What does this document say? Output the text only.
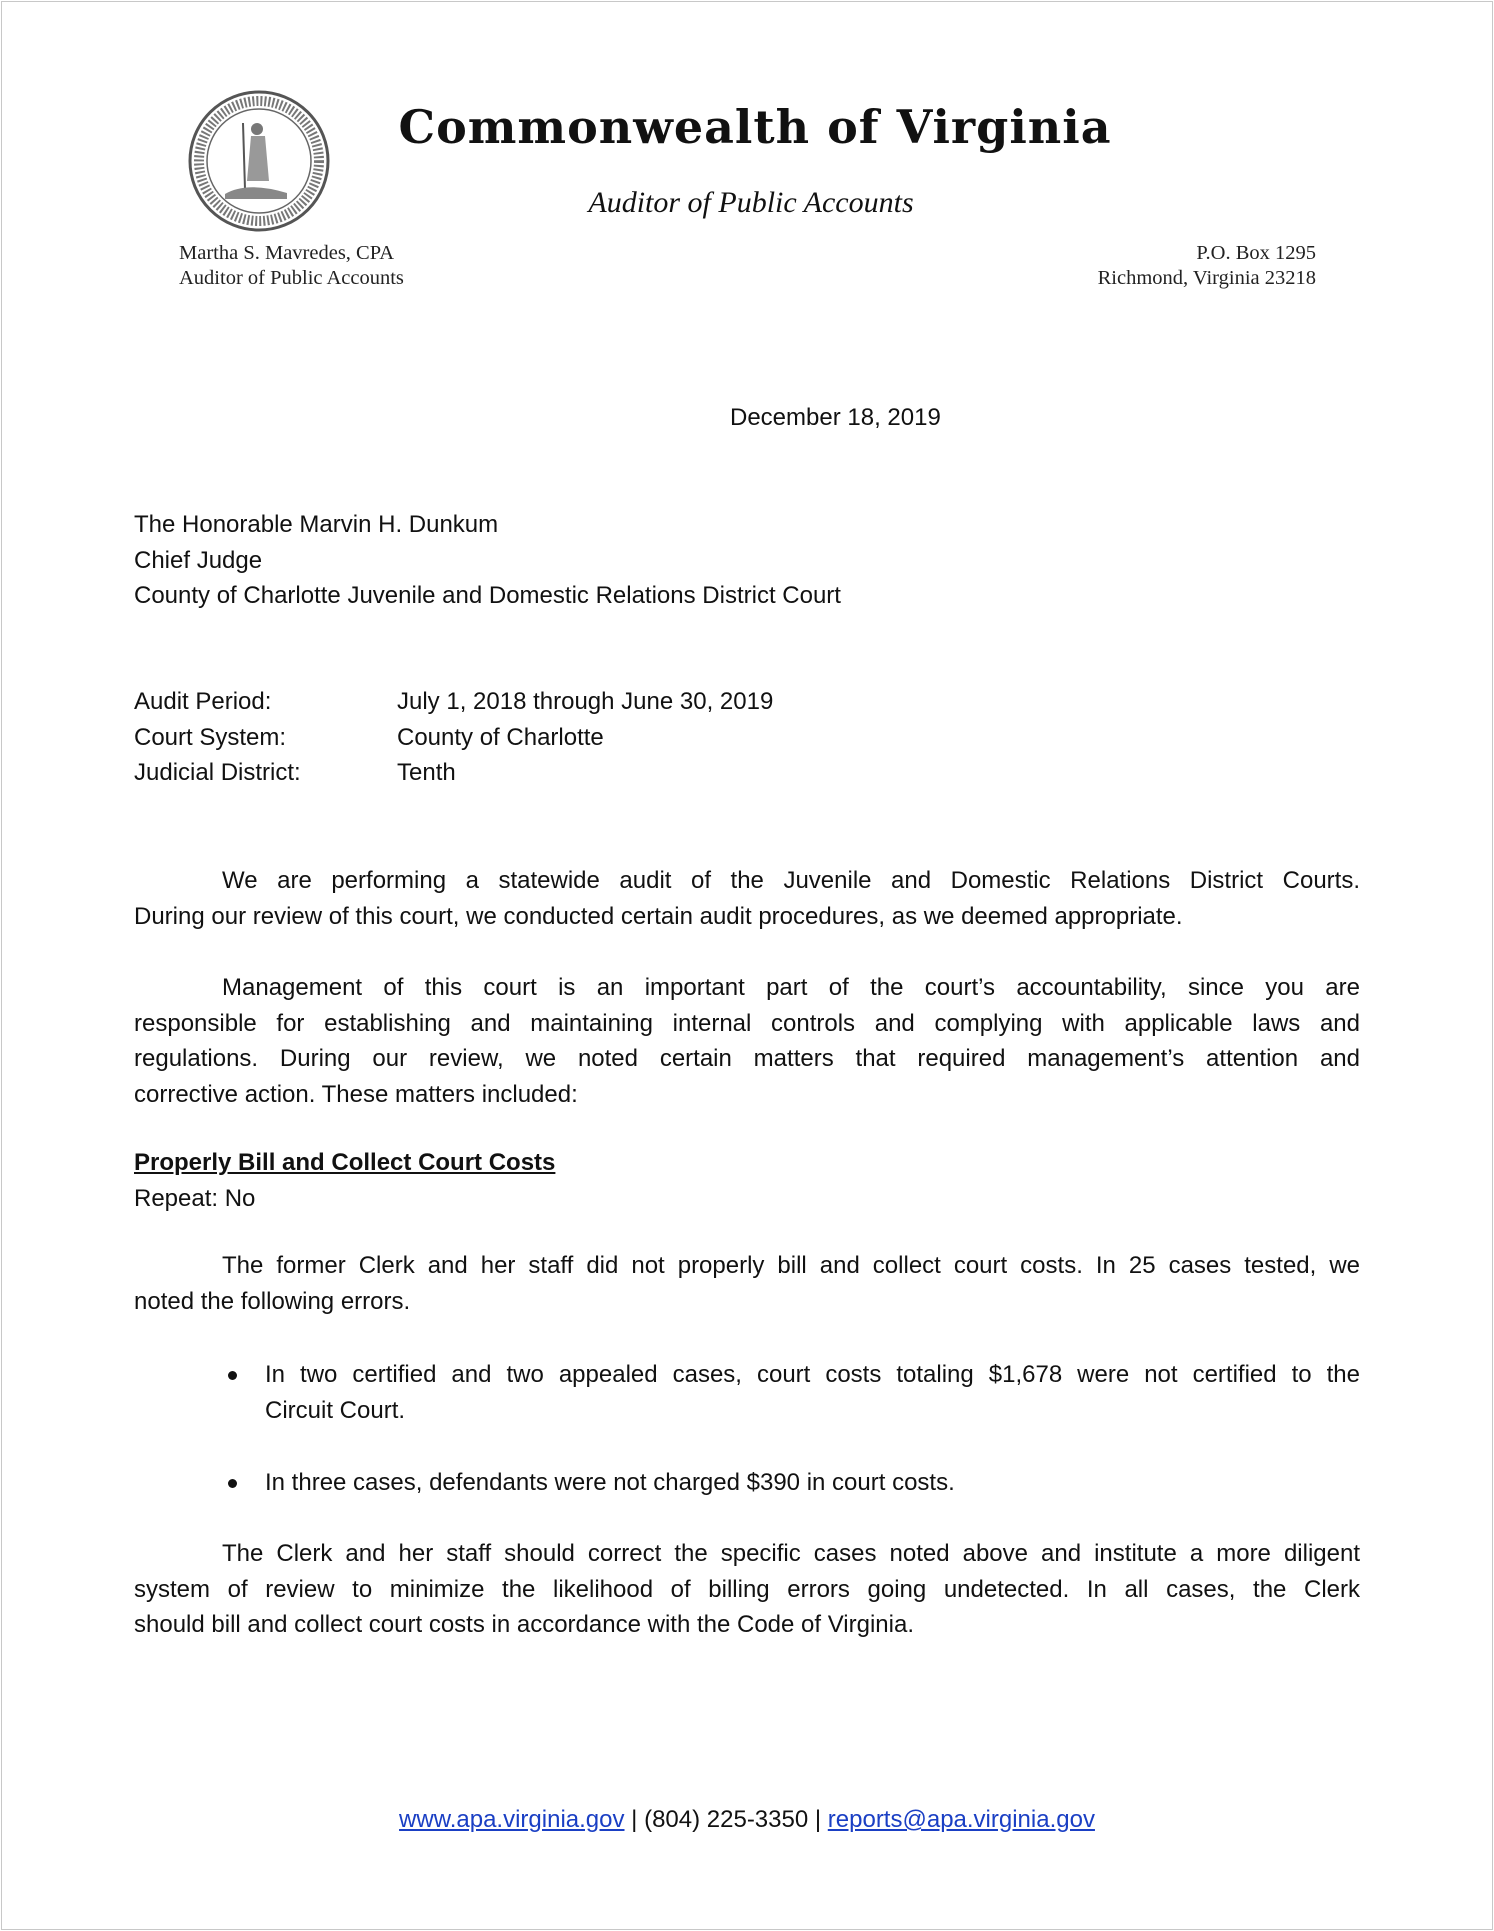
Commonwealth of Virginia
Auditor of Public Accounts
Martha S. Mavredes, CPA
Auditor of Public Accounts
P.O. Box 1295
Richmond, Virginia 23218
December 18, 2019
The Honorable Marvin H. Dunkum
Chief Judge
County of Charlotte Juvenile and Domestic Relations District Court
Audit Period:	July 1, 2018 through June 30, 2019
Court System:	County of Charlotte
Judicial District:	Tenth
We are performing a statewide audit of the Juvenile and Domestic Relations District Courts.
During our review of this court, we conducted certain audit procedures, as we deemed appropriate.
Management of this court is an important part of the court’s accountability, since you are
responsible for establishing and maintaining internal controls and complying with applicable laws and
regulations. During our review, we noted certain matters that required management’s attention and
corrective action. These matters included:
Properly Bill and Collect Court Costs
Repeat: No
The former Clerk and her staff did not properly bill and collect court costs. In 25 cases tested, we
noted the following errors.
In two certified and two appealed cases, court costs totaling $1,678 were not certified to the
Circuit Court.
In three cases, defendants were not charged $390 in court costs.
The Clerk and her staff should correct the specific cases noted above and institute a more diligent
system of review to minimize the likelihood of billing errors going undetected. In all cases, the Clerk
should bill and collect court costs in accordance with the Code of Virginia.
www.apa.virginia.gov | (804) 225-3350 | reports@apa.virginia.gov
